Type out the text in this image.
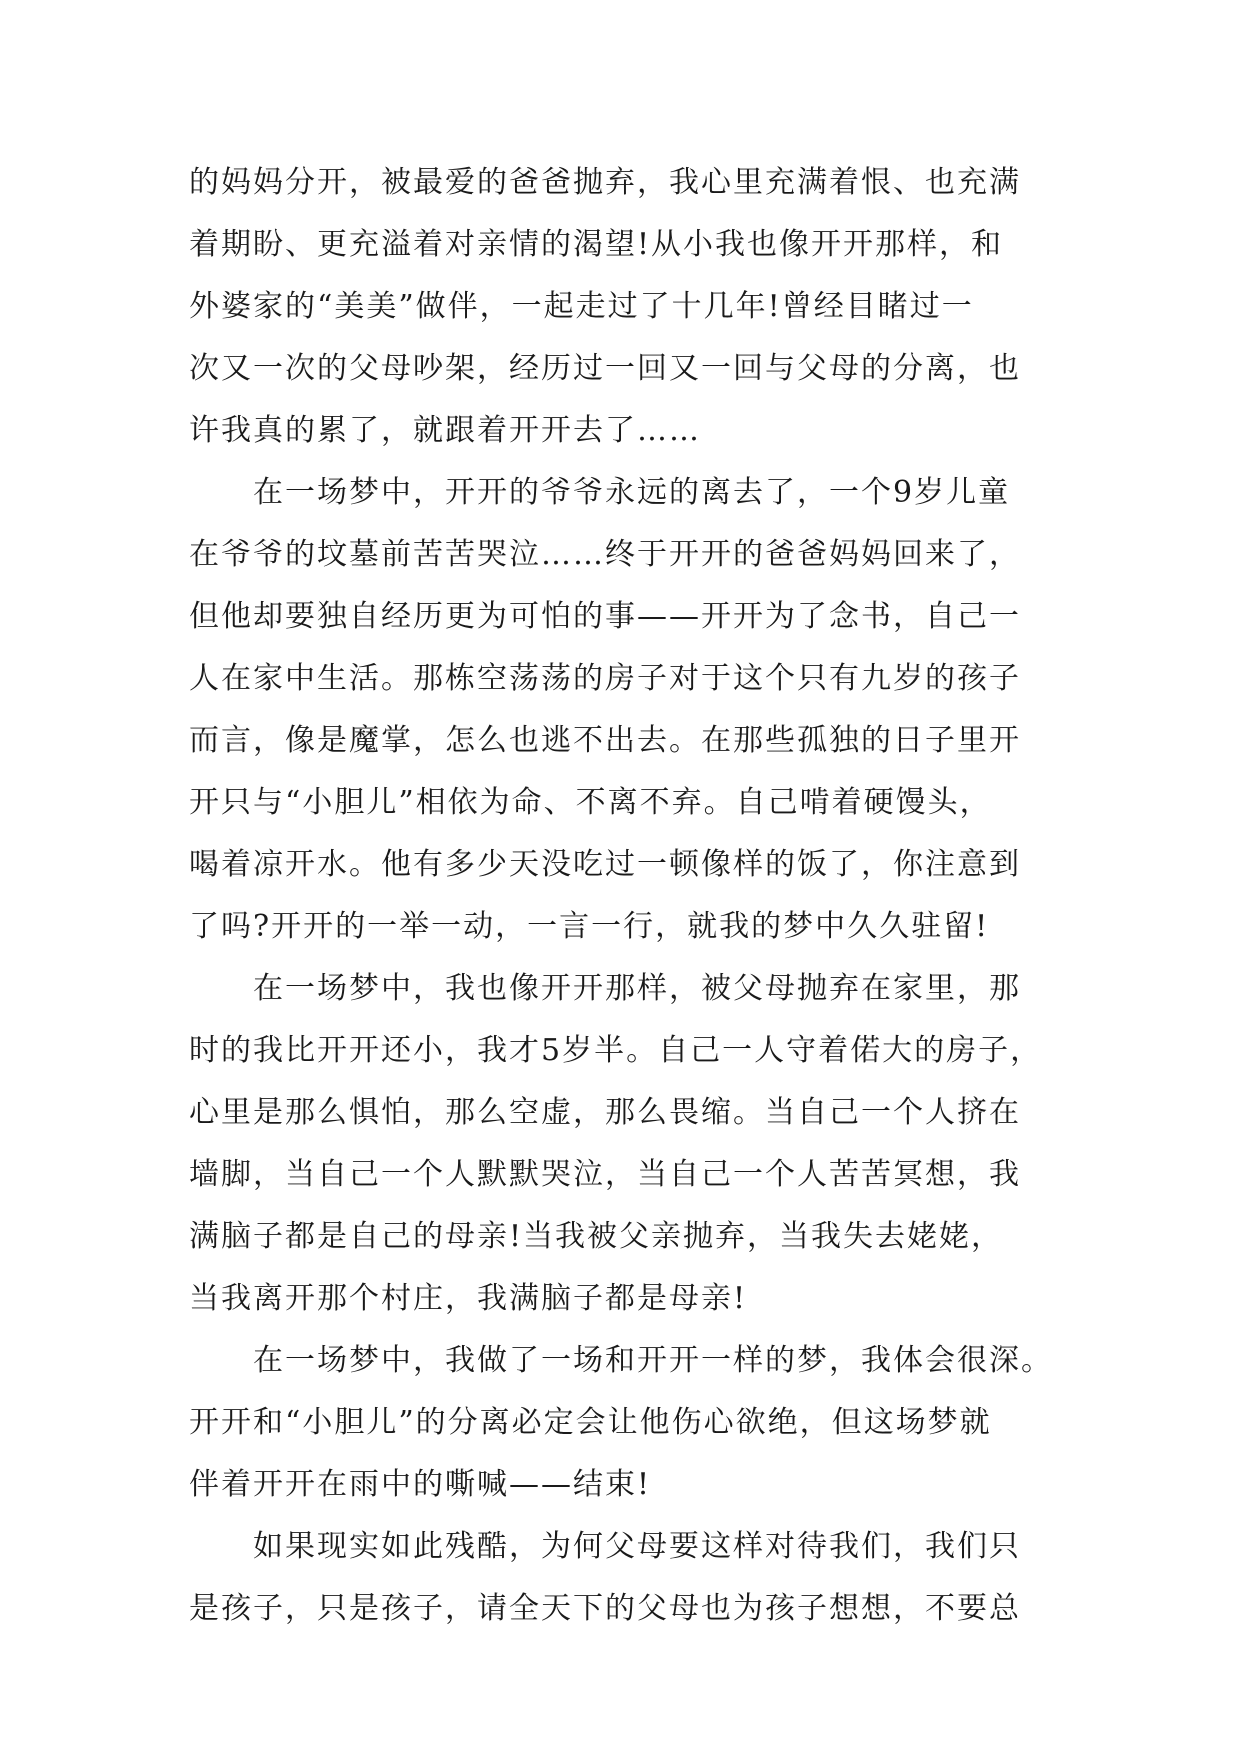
的妈妈分开，被最爱的爸爸抛弃，我心里充满着恨、也充满
着期盼、更充溢着对亲情的渴望!从小我也像开开那样，和
外婆家的“美美”做伴，一起走过了十几年!曾经目睹过一
次又一次的父母吵架，经历过一回又一回与父母的分离，也
许我真的累了，就跟着开开去了……
在一场梦中，开开的爷爷永远的离去了，一个9岁儿童
在爷爷的坟墓前苦苦哭泣……终于开开的爸爸妈妈回来了，
但他却要独自经历更为可怕的事——开开为了念书，自己一
人在家中生活。那栋空荡荡的房子对于这个只有九岁的孩子
而言，像是魔掌，怎么也逃不出去。在那些孤独的日子里开
开只与“小胆儿”相依为命、不离不弃。自己啃着硬馒头，
喝着凉开水。他有多少天没吃过一顿像样的饭了，你注意到
了吗?开开的一举一动，一言一行，就我的梦中久久驻留!
在一场梦中，我也像开开那样，被父母抛弃在家里，那
时的我比开开还小，我才5岁半。自己一人守着偌大的房子，
心里是那么惧怕，那么空虚，那么畏缩。当自己一个人挤在
墙脚，当自己一个人默默哭泣，当自己一个人苦苦冥想，我
满脑子都是自己的母亲!当我被父亲抛弃，当我失去姥姥，
当我离开那个村庄，我满脑子都是母亲!
在一场梦中，我做了一场和开开一样的梦，我体会很深。
开开和“小胆儿”的分离必定会让他伤心欲绝，但这场梦就
伴着开开在雨中的嘶喊——结束!
如果现实如此残酷，为何父母要这样对待我们，我们只
是孩子，只是孩子，请全天下的父母也为孩子想想，不要总
